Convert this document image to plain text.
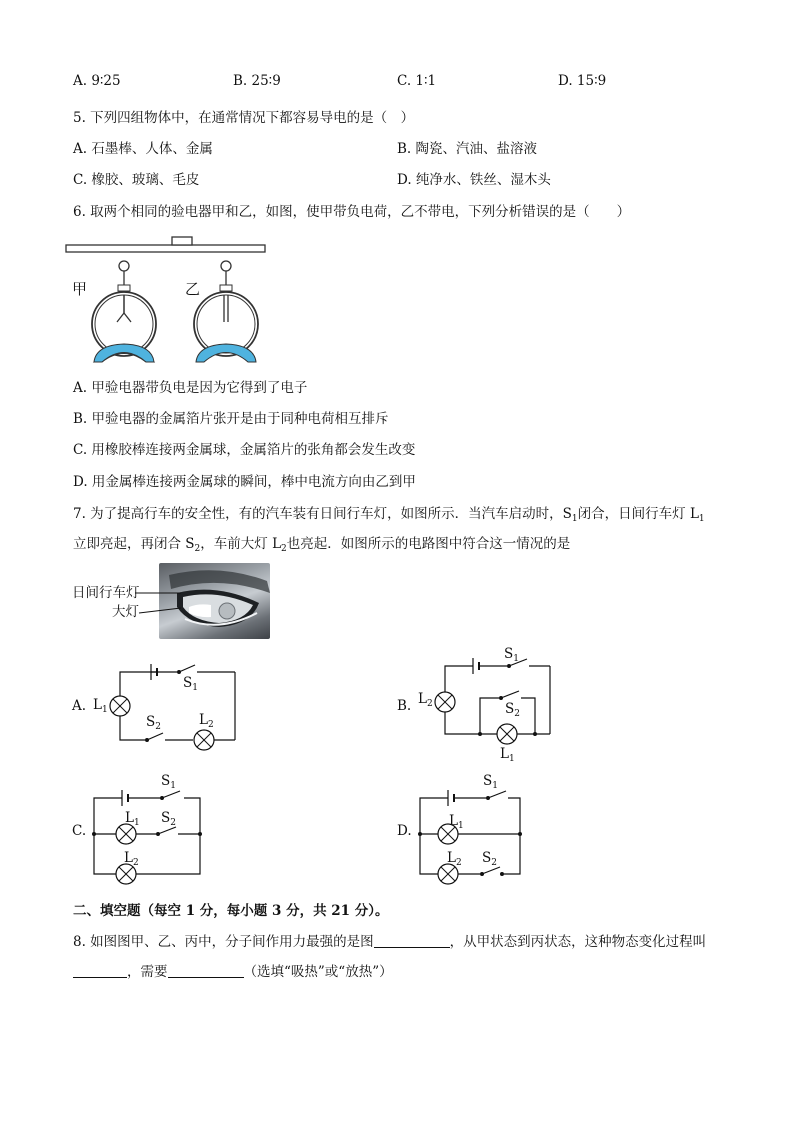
A. 9∶25	B. 25∶9	C. 1∶1	D. 15∶9
5. 下列四组物体中，在通常情况下都容易导电的是（　）
A. 石墨棒、人体、金属	B. 陶瓷、汽油、盐溶液
C. 橡胶、玻璃、毛皮	D. 纯净水、铁丝、湿木头
6. 取两个相同的验电器甲和乙，如图，使甲带负电荷，乙不带电，下列分析错误的是（　　）
甲	乙
A. 甲验电器带负电是因为它得到了电子
B. 甲验电器的金属箔片张开是由于同种电荷相互排斥
C. 用橡胶棒连接两金属球，金属箔片的张角都会发生改变
D. 用金属棒连接两金属球的瞬间，棒中电流方向由乙到甲
7. 为了提高行车的安全性，有的汽车装有日间行车灯，如图所示．当汽车启动时，$S_1$闭合，日间行车灯 $L_1$
立即亮起，再闭合 $S_2$，车前大灯 $L_2$也亮起．如图所示的电路图中符合这一情况的是
日间行车灯
大灯
A. $L_1$
$S_1$
$S_2$	$L_2$
B.
$S_1$
$L_2$	$S_2$
$L_1$
C.
$S_1$
$L_1$ $S_2$
$L_2$
D.
$S_1$
$L_1$
$L_2$ $S_2$
二、填空题（每空 1 分，每小题 3 分，共 21 分）。
8. 如图图甲、乙、丙中，分子间作用力最强的是图	，从甲状态到丙状态，这种物态变化过程叫
，需要	（选填“吸热”或“放热”）
